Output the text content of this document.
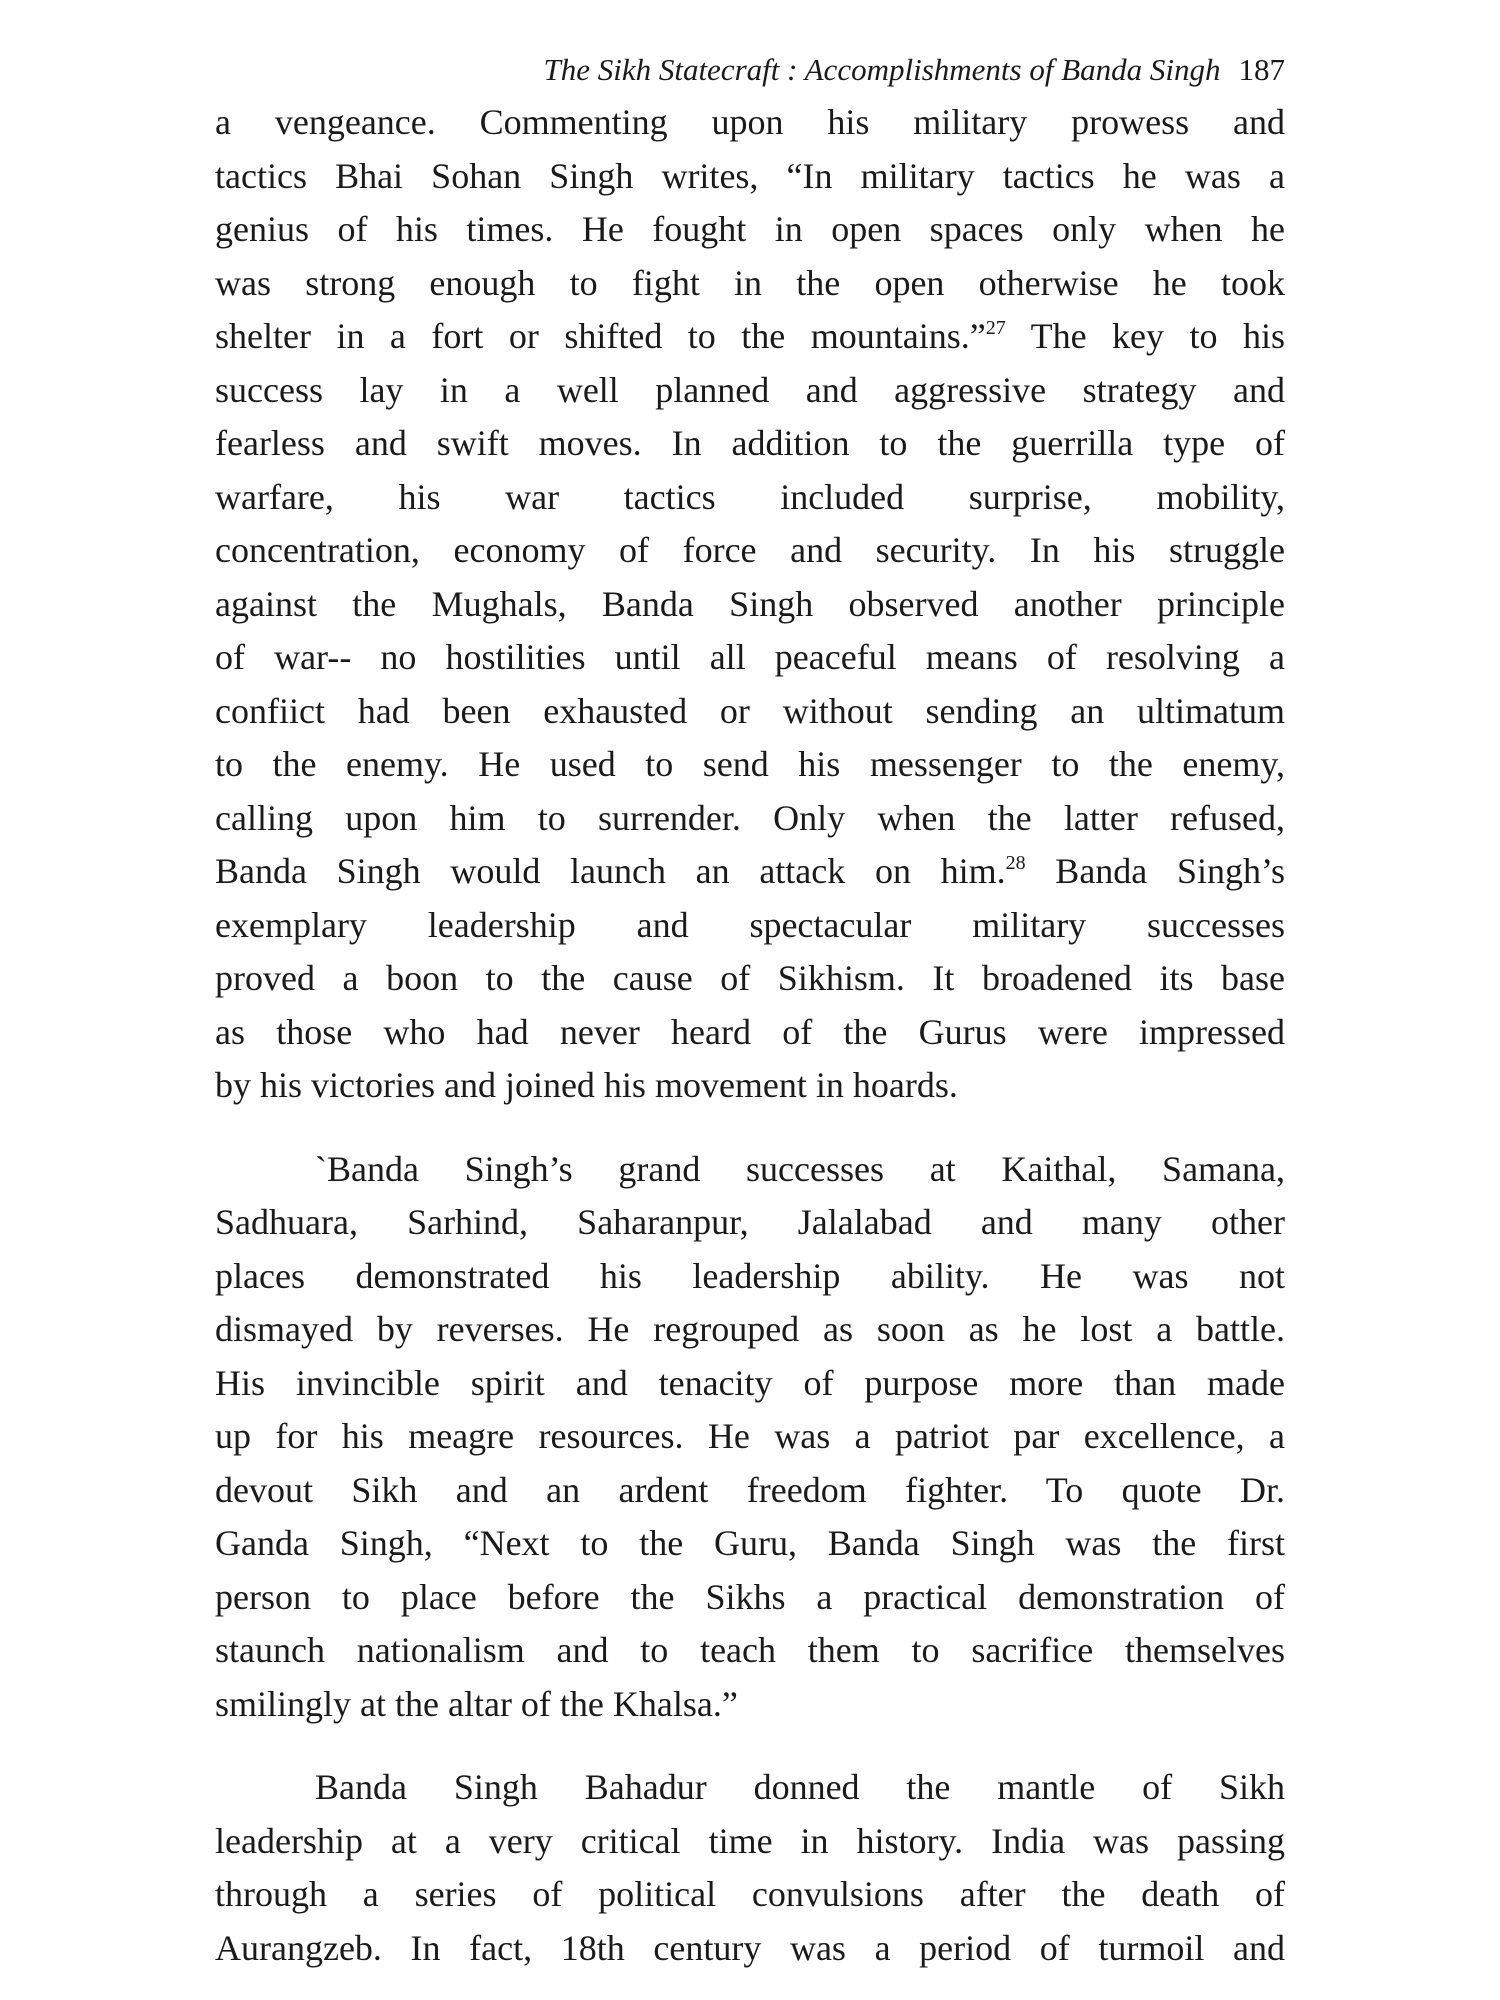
The Sikh Statecraft : Accomplishments of Banda Singh 187

a vengeance. Commenting upon his military prowess and
tactics Bhai Sohan Singh writes, “In military tactics he was a
genius of his times. He fought in open spaces only when he
was strong enough to fight in the open otherwise he took
shelter in a fort or shifted to the mountains.”$^{27}$ The key to his
success lay in a well planned and aggressive strategy and
fearless and swift moves. In addition to the guerrilla type of
warfare, his war tactics included surprise, mobility,
concentration, economy of force and security. In his struggle
against the Mughals, Banda Singh observed another principle
of war-- no hostilities until all peaceful means of resolving a
confiict had been exhausted or without sending an ultimatum
to the enemy. He used to send his messenger to the enemy,
calling upon him to surrender. Only when the latter refused,
Banda Singh would launch an attack on him.$^{28}$ Banda Singh’s
exemplary leadership and spectacular military successes
proved a boon to the cause of Sikhism. It broadened its base
as those who had never heard of the Gurus were impressed
by his victories and joined his movement in hoards.

`Banda Singh’s grand successes at Kaithal, Samana,
Sadhuara, Sarhind, Saharanpur, Jalalabad and many other
places demonstrated his leadership ability. He was not
dismayed by reverses. He regrouped as soon as he lost a battle.
His invincible spirit and tenacity of purpose more than made
up for his meagre resources. He was a patriot par excellence, a
devout Sikh and an ardent freedom fighter. To quote Dr.
Ganda Singh, “Next to the Guru, Banda Singh was the first
person to place before the Sikhs a practical demonstration of
staunch nationalism and to teach them to sacrifice themselves
smilingly at the altar of the Khalsa.”

Banda Singh Bahadur donned the mantle of Sikh
leadership at a very critical time in history. India was passing
through a series of political convulsions after the death of
Aurangzeb. In fact, 18th century was a period of turmoil and
